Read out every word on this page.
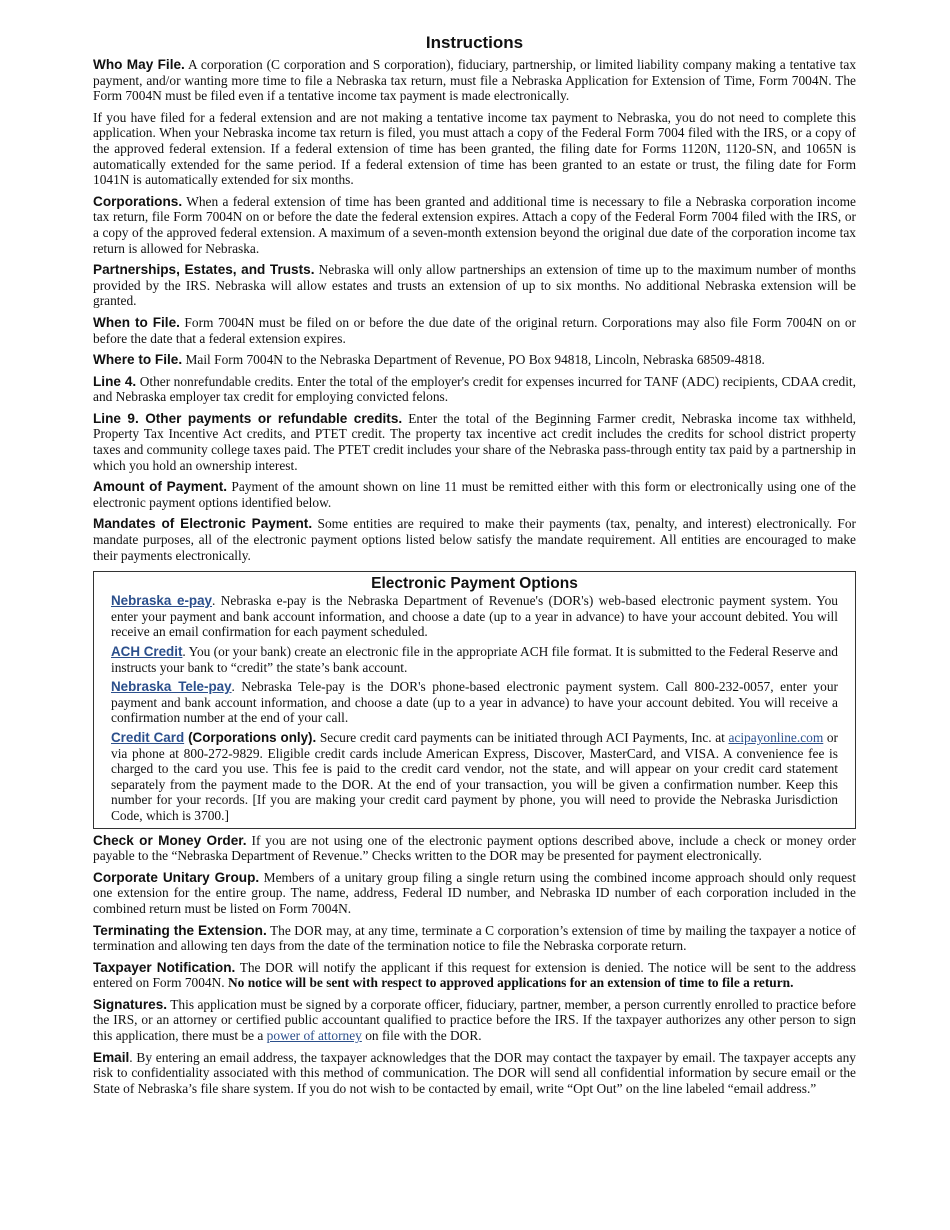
Instructions

Who May File. A corporation (C corporation and S corporation), fiduciary, partnership, or limited liability company making a tentative tax payment, and/or wanting more time to file a Nebraska tax return, must file a Nebraska Application for Extension of Time, Form 7004N. The Form 7004N must be filed even if a tentative income tax payment is made electronically.

If you have filed for a federal extension and are not making a tentative income tax payment to Nebraska, you do not need to complete this application. When your Nebraska income tax return is filed, you must attach a copy of the Federal Form 7004 filed with the IRS, or a copy of the approved federal extension. If a federal extension of time has been granted, the filing date for Forms 1120N, 1120-SN, and 1065N is automatically extended for the same period. If a federal extension of time has been granted to an estate or trust, the filing date for Form 1041N is automatically extended for six months.

Corporations. When a federal extension of time has been granted and additional time is necessary to file a Nebraska corporation income tax return, file Form 7004N on or before the date the federal extension expires. Attach a copy of the Federal Form 7004 filed with the IRS, or a copy of the approved federal extension. A maximum of a seven-month extension beyond the original due date of the corporation income tax return is allowed for Nebraska.

Partnerships, Estates, and Trusts. Nebraska will only allow partnerships an extension of time up to the maximum number of months provided by the IRS. Nebraska will allow estates and trusts an extension of up to six months. No additional Nebraska extension will be granted.

When to File. Form 7004N must be filed on or before the due date of the original return. Corporations may also file Form 7004N on or before the date that a federal extension expires.

Where to File. Mail Form 7004N to the Nebraska Department of Revenue, PO Box 94818, Lincoln, Nebraska 68509-4818.

Line 4. Other nonrefundable credits. Enter the total of the employer's credit for expenses incurred for TANF (ADC) recipients, CDAA credit, and Nebraska employer tax credit for employing convicted felons.

Line 9. Other payments or refundable credits. Enter the total of the Beginning Farmer credit, Nebraska income tax withheld, Property Tax Incentive Act credits, and PTET credit. The property tax incentive act credit includes the credits for school district property taxes and community college taxes paid. The PTET credit includes your share of the Nebraska pass-through entity tax paid by a partnership in which you hold an ownership interest.

Amount of Payment. Payment of the amount shown on line 11 must be remitted either with this form or electronically using one of the electronic payment options identified below.

Mandates of Electronic Payment. Some entities are required to make their payments (tax, penalty, and interest) electronically. For mandate purposes, all of the electronic payment options listed below satisfy the mandate requirement. All entities are encouraged to make their payments electronically.

Electronic Payment Options

Nebraska e-pay. Nebraska e-pay is the Nebraska Department of Revenue's (DOR's) web-based electronic payment system. You enter your payment and bank account information, and choose a date (up to a year in advance) to have your account debited. You will receive an email confirmation for each payment scheduled.

ACH Credit. You (or your bank) create an electronic file in the appropriate ACH file format. It is submitted to the Federal Reserve and instructs your bank to “credit” the state’s bank account.

Nebraska Tele-pay. Nebraska Tele-pay is the DOR's phone-based electronic payment system. Call 800-232-0057, enter your payment and bank account information, and choose a date (up to a year in advance) to have your account debited. You will receive a confirmation number at the end of your call.

Credit Card (Corporations only). Secure credit card payments can be initiated through ACI Payments, Inc. at acipayonline.com or via phone at 800-272-9829. Eligible credit cards include American Express, Discover, MasterCard, and VISA. A convenience fee is charged to the card you use. This fee is paid to the credit card vendor, not the state, and will appear on your credit card statement separately from the payment made to the DOR. At the end of your transaction, you will be given a confirmation number. Keep this number for your records. [If you are making your credit card payment by phone, you will need to provide the Nebraska Jurisdiction Code, which is 3700.]

Check or Money Order. If you are not using one of the electronic payment options described above, include a check or money order payable to the “Nebraska Department of Revenue.” Checks written to the DOR may be presented for payment electronically.

Corporate Unitary Group. Members of a unitary group filing a single return using the combined income approach should only request one extension for the entire group. The name, address, Federal ID number, and Nebraska ID number of each corporation included in the combined return must be listed on Form 7004N.

Terminating the Extension. The DOR may, at any time, terminate a C corporation’s extension of time by mailing the taxpayer a notice of termination and allowing ten days from the date of the termination notice to file the Nebraska corporate return.

Taxpayer Notification. The DOR will notify the applicant if this request for extension is denied. The notice will be sent to the address entered on Form 7004N. No notice will be sent with respect to approved applications for an extension of time to file a return.

Signatures. This application must be signed by a corporate officer, fiduciary, partner, member, a person currently enrolled to practice before the IRS, or an attorney or certified public accountant qualified to practice before the IRS. If the taxpayer authorizes any other person to sign this application, there must be a power of attorney on file with the DOR.

Email. By entering an email address, the taxpayer acknowledges that the DOR may contact the taxpayer by email. The taxpayer accepts any risk to confidentiality associated with this method of communication. The DOR will send all confidential information by secure email or the State of Nebraska’s file share system. If you do not wish to be contacted by email, write “Opt Out” on the line labeled “email address.”
